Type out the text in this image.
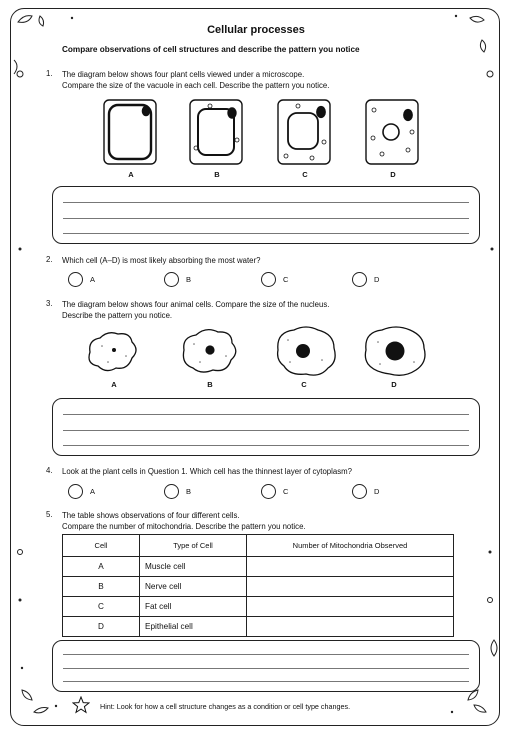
Cellular processes
Compare observations of cell structures and describe the pattern you notice
1. The diagram below shows four plant cells viewed under a microscope.
Compare the size of the vacuole in each cell. Describe the pattern you notice.
A	B	C	D
2. Which cell (A–D) is most likely absorbing the most water?
A	B	C	D
3. The diagram below shows four animal cells. Compare the size of the nucleus.
Describe the pattern you notice.
A	B	C	D
4. Look at the plant cells in Question 1. Which cell has the thinnest layer of cytoplasm?
A	B	C	D
5. The table shows observations of four different cells.
Compare the number of mitochondria. Describe the pattern you notice.
Cell	Type of Cell	Number of Mitochondria Observed
A	Muscle cell	
B	Nerve cell	
C	Fat cell	
D	Epithelial cell	
Hint: Look for how a cell structure changes as a condition or cell type changes.
